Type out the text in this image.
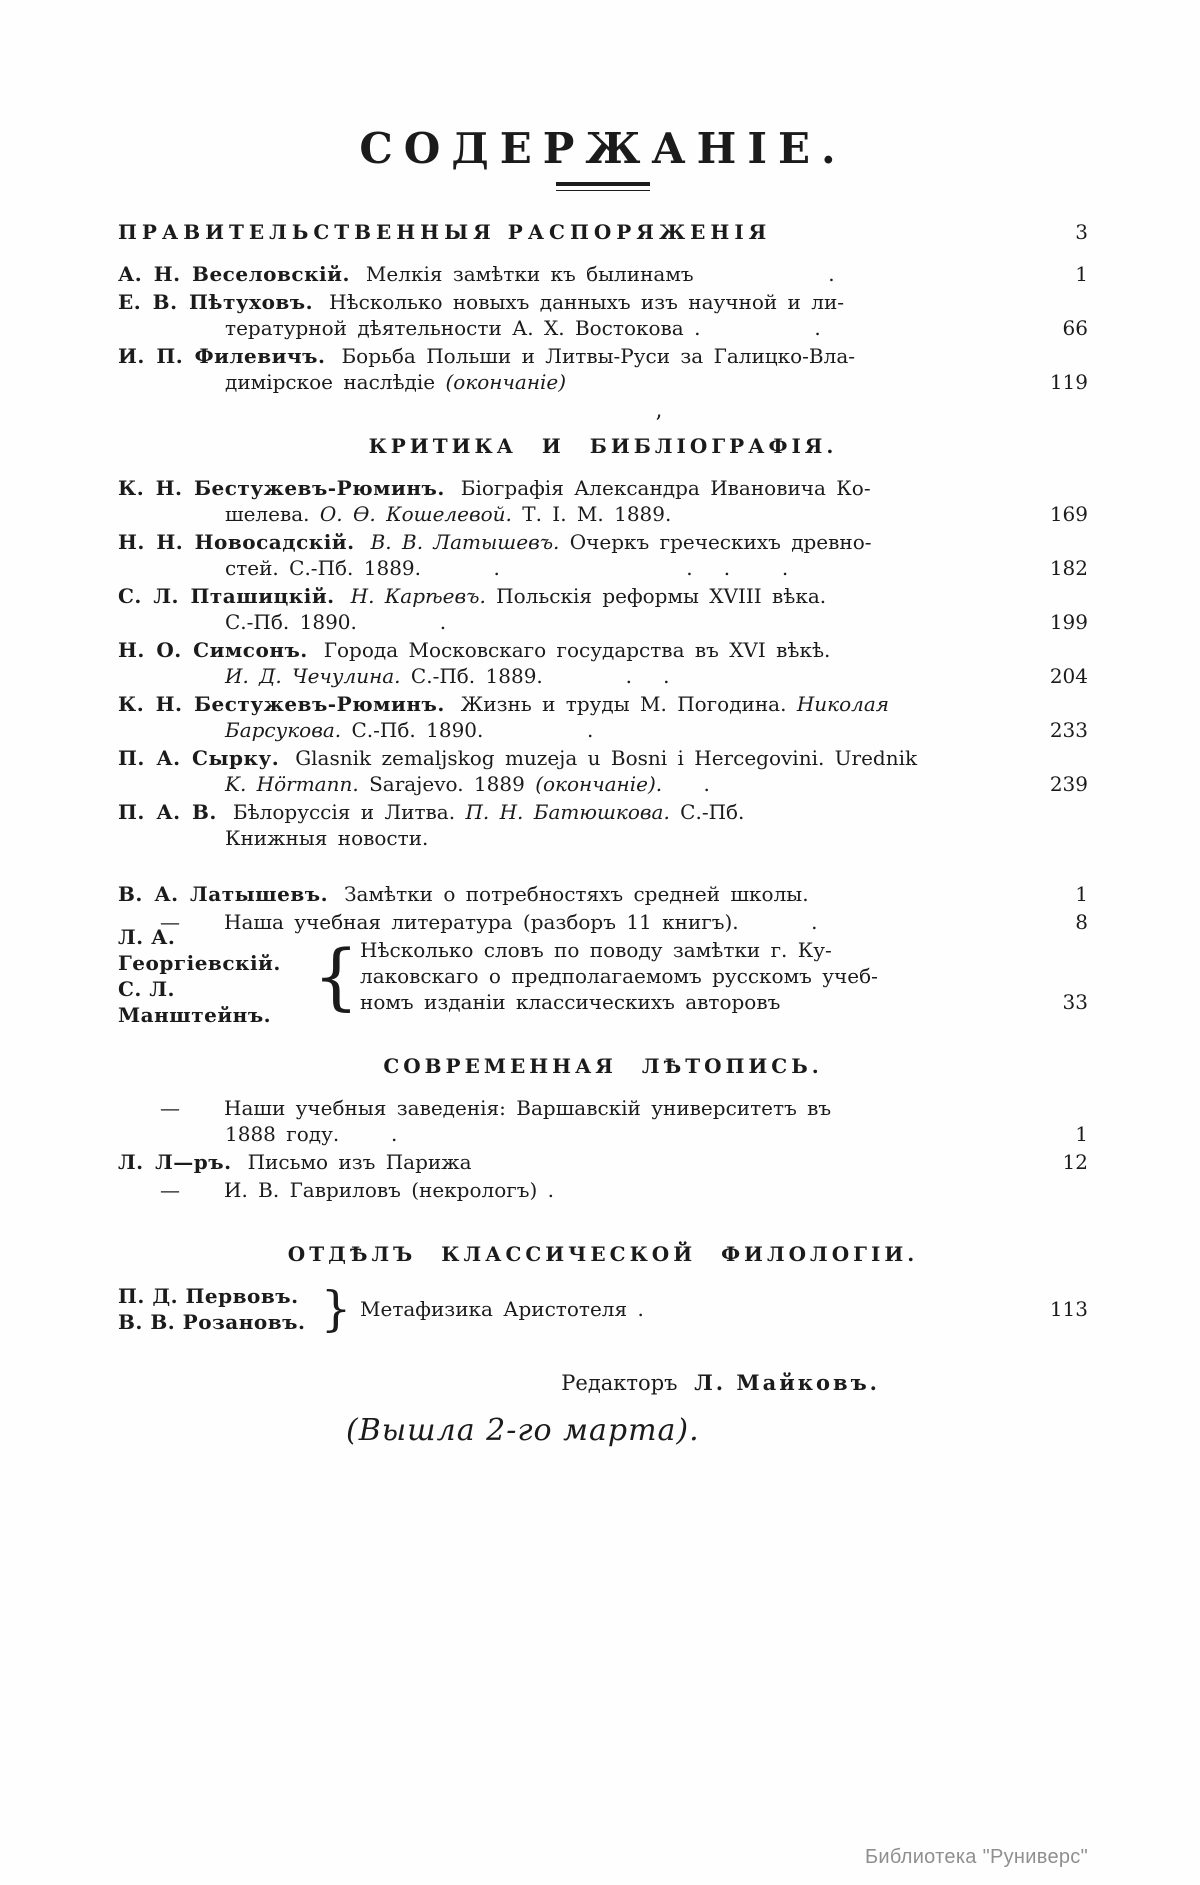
СОДЕРЖАНІЕ.
ПРАВИТЕЛЬСТВЕННЫЯ РАСПОРЯЖЕНІЯ	3
А. Н. Веселовскій. Мелкія замѣтки къ былинамъ             .	1
Е. В. Пѣтуховъ. Нѣсколько новыхъ данныхъ изъ научной и ли-
тературной дѣятельности А. Х. Востокова .           .	66
И. П. Филевичъ. Борьба Польши и Литвы-Руси за Галицко-Вла-
димірское наслѣдіе (окончаніе)	119
КРИТИКА И БИБЛІОГРАФІЯ.
К. Н. Бестужевъ-Рюминъ. Біографія Александра Ивановича Ко-
шелева. О. Ѳ. Кошелевой. Т. I. М. 1889.	169
Н. Н. Новосадскій. В. В. Латышевъ. Очеркъ греческихъ древно-
стей. С.-Пб. 1889.       .                  .   .     .	182
С. Л. Пташицкій. Н. Карѣевъ. Польскія реформы XVIII вѣка.
С.-Пб. 1890.        .	199
Н. О. Симсонъ. Города Московскаго государства въ XVI вѣкѣ.
И. Д. Чечулина. С.-Пб. 1889.        .   .	204
К. Н. Бестужевъ-Рюминъ. Жизнь и труды М. Погодина. Николая
Барсукова. С.-Пб. 1890.          .	233
П. А. Сырку. Glasnik zemaljskog muzeja u Bosni i Hercegovini. Urednik
K. Hörmann. Sarajevo. 1889 (окончаніе).    .	239
П. А. В. Бѣлоруссія и Литва. П. Н. Батюшкова. С.-Пб.
Книжныя новости.
В. А. Латышевъ. Замѣтки о потребностяхъ средней школы.	1
— Наша учебная литература (разборъ 11 книгъ).       .	8
Л. А. Георгіевскій.
С. Л. Манштейнъ. { Нѣсколько словъ по поводу замѣтки г. Ку-
лаковскаго о предполагаемомъ русскомъ учеб-
номъ изданіи классическихъ авторовъ	33
СОВРЕМЕННАЯ ЛѢТОПИСЬ.
— Наши учебныя заведенія: Варшавскій университетъ въ
1888 году.     .	1
Л. Л—ръ. Письмо изъ Парижа	12
— И. В. Гавриловъ (некрологъ) .
ОТДѢЛЪ КЛАССИЧЕСКОЙ ФИЛОЛОГІИ.
П. Д. Первовъ.
В. В. Розановъ. } Метафизика Аристотеля .	113
Редакторъ Л. Майковъ.
(Вышла 2-го марта).
’
Библиотека "Руниверс"
